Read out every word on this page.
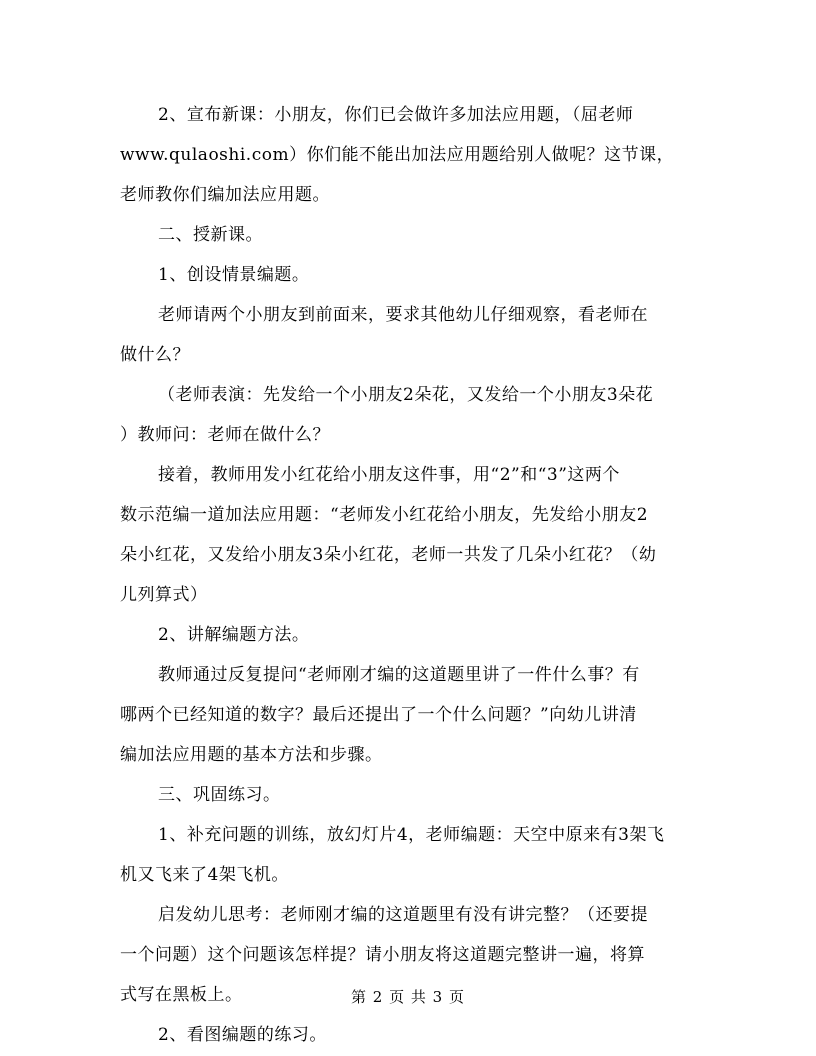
2、宣布新课：小朋友，你们已会做许多加法应用题，（屈老师
www.qulaoshi.com）你们能不能出加法应用题给别人做呢？这节课，
老师教你们编加法应用题。

二、授新课。

1、创设情景编题。

老师请两个小朋友到前面来，要求其他幼儿仔细观察，看老师在
做什么？

（老师表演：先发给一个小朋友2朵花，又发给一个小朋友3朵花
）教师问：老师在做什么？

接着，教师用发小红花给小朋友这件事，用“2”和“3”这两个
数示范编一道加法应用题：“老师发小红花给小朋友，先发给小朋友2
朵小红花，又发给小朋友3朵小红花，老师一共发了几朵小红花？（幼
儿列算式）

2、讲解编题方法。

教师通过反复提问“老师刚才编的这道题里讲了一件什么事？有
哪两个已经知道的数字？最后还提出了一个什么问题？”向幼儿讲清
编加法应用题的基本方法和步骤。

三、巩固练习。

1、补充问题的训练，放幻灯片4，老师编题：天空中原来有3架飞
机又飞来了4架飞机。

启发幼儿思考：老师刚才编的这道题里有没有讲完整？（还要提
一个问题）这个问题该怎样提？请小朋友将这道题完整讲一遍，将算
式写在黑板上。

2、看图编题的练习。

第 2 页 共 3 页
